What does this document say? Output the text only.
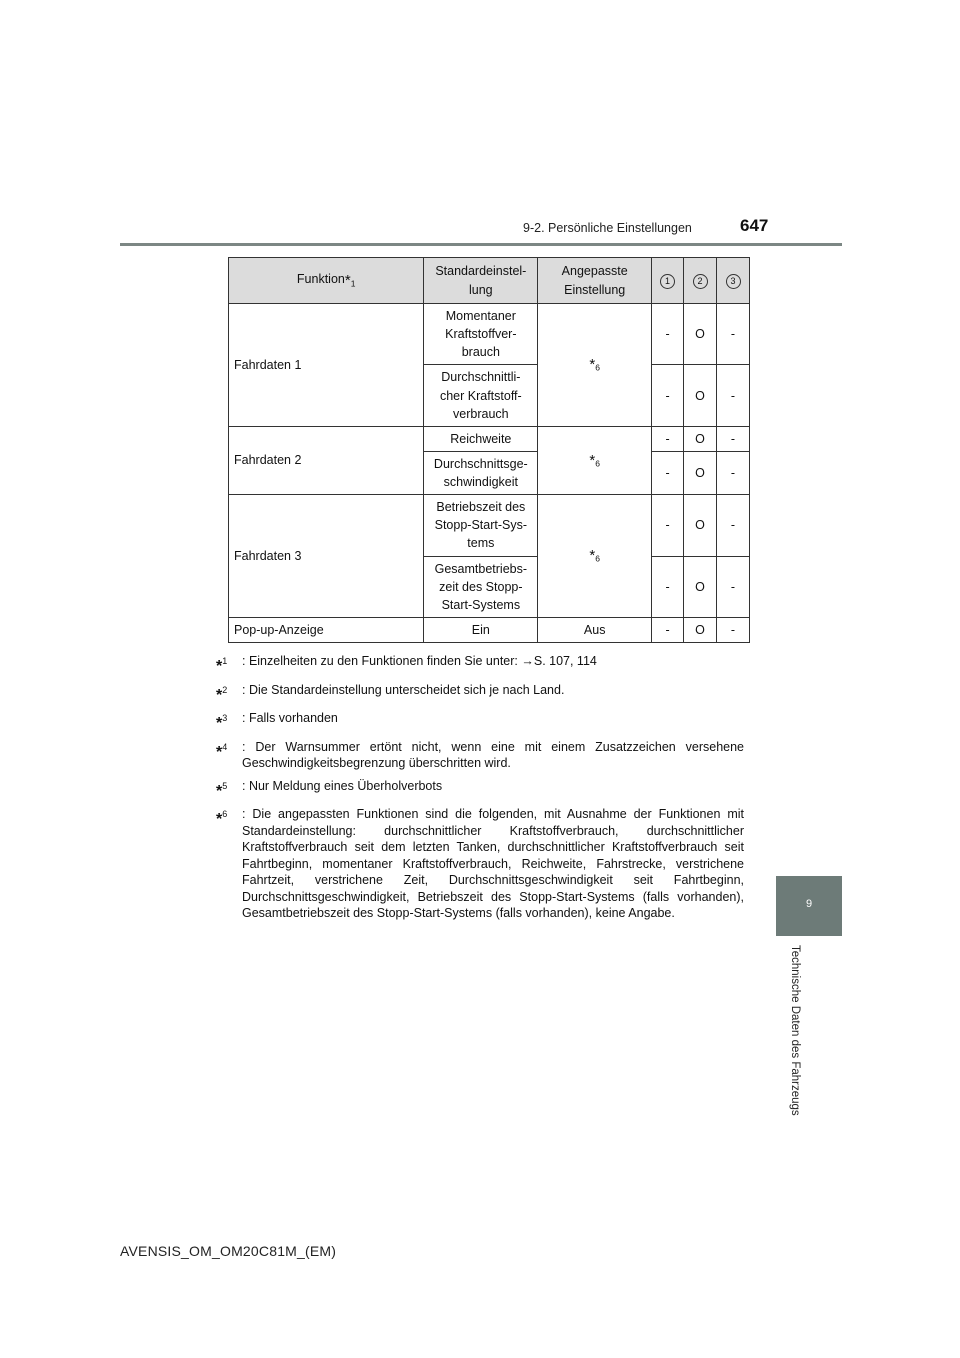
9-2. Persönliche Einstellungen	647
9
Technische Daten des Fahrzeugs
$Funktion*_1$	Standardeinstel-
lung	Angepasste
Einstellung	1	2	3
Fahrdaten 1	Momentaner
Kraftstoffver-
brauch	$*_6$	-	O	-
	Durchschnittli-
cher Kraftstoff-
verbrauch		-	O	-
Fahrdaten 2	Reichweite	$*_6$	-	O	-
	Durchschnittsge-
schwindigkeit		-	O	-
Fahrdaten 3	Betriebszeit des
Stopp-Start-Sys-
tems	$*_6$	-	O	-
	Gesamtbetriebs-
zeit des Stopp-
Start-Systems		-	O	-
Pop-up-Anzeige	Ein	Aus	-	O	-
*$^1$	: Einzelheiten zu den Funktionen finden Sie unter: →S. 107, 114
*$^2$	: Die Standardeinstellung unterscheidet sich je nach Land.
*$^3$	: Falls vorhanden
*$^4$	: Der Warnsummer ertönt nicht, wenn eine mit einem Zusatzzeichen versehene Geschwindigkeitsbegrenzung überschritten wird.
*$^5$	: Nur Meldung eines Überholverbots
*$^6$	: Die angepassten Funktionen sind die folgenden, mit Ausnahme der Funktionen mit Standardeinstellung: durchschnittlicher Kraftstoffverbrauch, durchschnittlicher Kraftstoffverbrauch seit dem letzten Tanken, durchschnittlicher Kraftstoffverbrauch seit Fahrtbeginn, momentaner Kraftstoffverbrauch, Reichweite, Fahrstrecke, verstrichene Fahrtzeit, verstrichene Zeit, Durchschnittsgeschwindigkeit seit Fahrtbeginn, Durchschnittsgeschwindigkeit, Betriebszeit des Stopp-Start-Systems (falls vorhanden), Gesamtbetriebszeit des Stopp-Start-Systems (falls vorhanden), keine Angabe.
AVENSIS_OM_OM20C81M_(EM)
